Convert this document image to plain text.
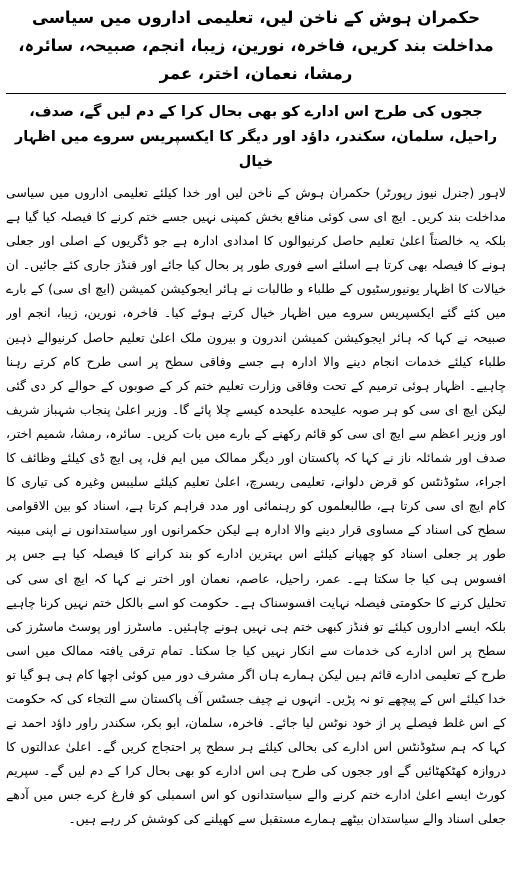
حکمران ہوش کے ناخن لیں، تعلیمی اداروں میں سیاسی مداخلت بند کریں، فاخرہ، نورین، زیبا، انجم، صبیحہ، سائرہ، رمشا، نعمان، اختر، عمر
ججوں کی طرح اس ادارے کو بھی بحال کرا کے دم لیں گے، صدف، راحیل، سلمان، سکندر، داؤد اور دیگر کا ایکسپریس سروے میں اظہار خیال

لاہور (جنرل نیوز رپورٹر) حکمران ہوش کے ناخن لیں اور خدا کیلئے تعلیمی اداروں میں سیاسی مداخلت بند کریں۔ ایچ ای سی کوئی منافع بخش کمپنی نہیں جسے ختم کرنے کا فیصلہ کیا گیا ہے بلکہ یہ خالصتاً اعلیٰ تعلیم حاصل کرنیوالوں کا امدادی ادارہ ہے جو ڈگریوں کے اصلی اور جعلی ہونے کا فیصلہ بھی کرتا ہے اسلئے اسے فوری طور پر بحال کیا جائے اور فنڈز جاری کئے جائیں۔ ان خیالات کا اظہار یونیورسٹیوں کے طلباء و طالبات نے ہائر ایجوکیشن کمیشن (ایچ ای سی) کے بارے میں کئے گئے ایکسپریس سروے میں اظہار خیال کرتے ہوئے کیا۔ فاخرہ، نورین، زیبا، انجم اور صبیحہ نے کہا کہ ہائر ایجوکیشن کمیشن اندرون و بیرون ملک اعلیٰ تعلیم حاصل کرنیوالے ذہین طلباء کیلئے خدمات انجام دینے والا ادارہ ہے جسے وفاقی سطح پر اسی طرح کام کرتے رہنا چاہیے۔ اظہار ہوئی ترمیم کے تحت وفاقی وزارت تعلیم ختم کر کے صوبوں کے حوالے کر دی گئی لیکن ایچ ای سی کو ہر صوبہ علیحدہ علیحدہ کیسے چلا پائے گا۔ وزیر اعلیٰ پنجاب شہباز شریف اور وزیر اعظم سے ایچ ای سی کو قائم رکھنے کے بارے میں بات کریں۔ سائرہ، رمشا، شمیم اختر، صدف اور شمائلہ ناز نے کہا کہ پاکستان اور دیگر ممالک میں ایم فل، پی ایچ ڈی کیلئے وظائف کا اجراء، سٹوڈنٹس کو قرض دلوانے، تعلیمی ریسرچ، اعلیٰ تعلیم کیلئے سلیبس وغیرہ کی تیاری کا کام ایچ ای سی کرتا ہے، طالبعلموں کو رہنمائی اور مدد فراہم کرتا ہے، اسناد کو بین الاقوامی سطح کی اسناد کے مساوی قرار دینے والا ادارہ ہے لیکن حکمرانوں اور سیاستدانوں نے اپنی مبینہ طور پر جعلی اسناد کو چھپانے کیلئے اس بہترین ادارے کو بند کرانے کا فیصلہ کیا ہے جس پر افسوس ہی کیا جا سکتا ہے۔ عمر، راحیل، عاصم، نعمان اور اختر نے کہا کہ ایچ ای سی کی تحلیل کرنے کا حکومتی فیصلہ نہایت افسوسناک ہے۔ حکومت کو اسے بالکل ختم نہیں کرنا چاہیے بلکہ ایسے اداروں کیلئے تو فنڈز کبھی ختم ہی نہیں ہونے چاہئیں۔ ماسٹرز اور پوسٹ ماسٹرز کی سطح پر اس ادارے کی خدمات سے انکار نہیں کیا جا سکتا۔ تمام ترقی یافتہ ممالک میں اسی طرح کے تعلیمی ادارے قائم ہیں لیکن ہمارے ہاں اگر مشرف دور میں کوئی اچھا کام ہی ہو گیا تو خدا کیلئے اس کے پیچھے تو نہ پڑیں۔ انہوں نے چیف جسٹس آف پاکستان سے التجاء کی کہ حکومت کے اس غلط فیصلے پر از خود نوٹس لیا جائے۔ فاخرہ، سلمان، ابو بکر، سکندر راور داؤد احمد نے کہا کہ ہم سٹوڈنٹس اس ادارے کی بحالی کیلئے ہر سطح پر احتجاج کریں گے۔ اعلیٰ عدالتوں کا دروازہ کھٹکھٹائیں گے اور ججوں کی طرح ہی اس ادارے کو بھی بحال کرا کے دم لیں گے۔ سپریم کورٹ ایسے اعلیٰ ادارے ختم کرنے والے سیاستدانوں کو اس اسمبلی کو فارغ کرے جس میں آدھے جعلی اسناد والے سیاستدان بیٹھے ہمارے مستقبل سے کھیلنے کی کوشش کر رہے ہیں۔
